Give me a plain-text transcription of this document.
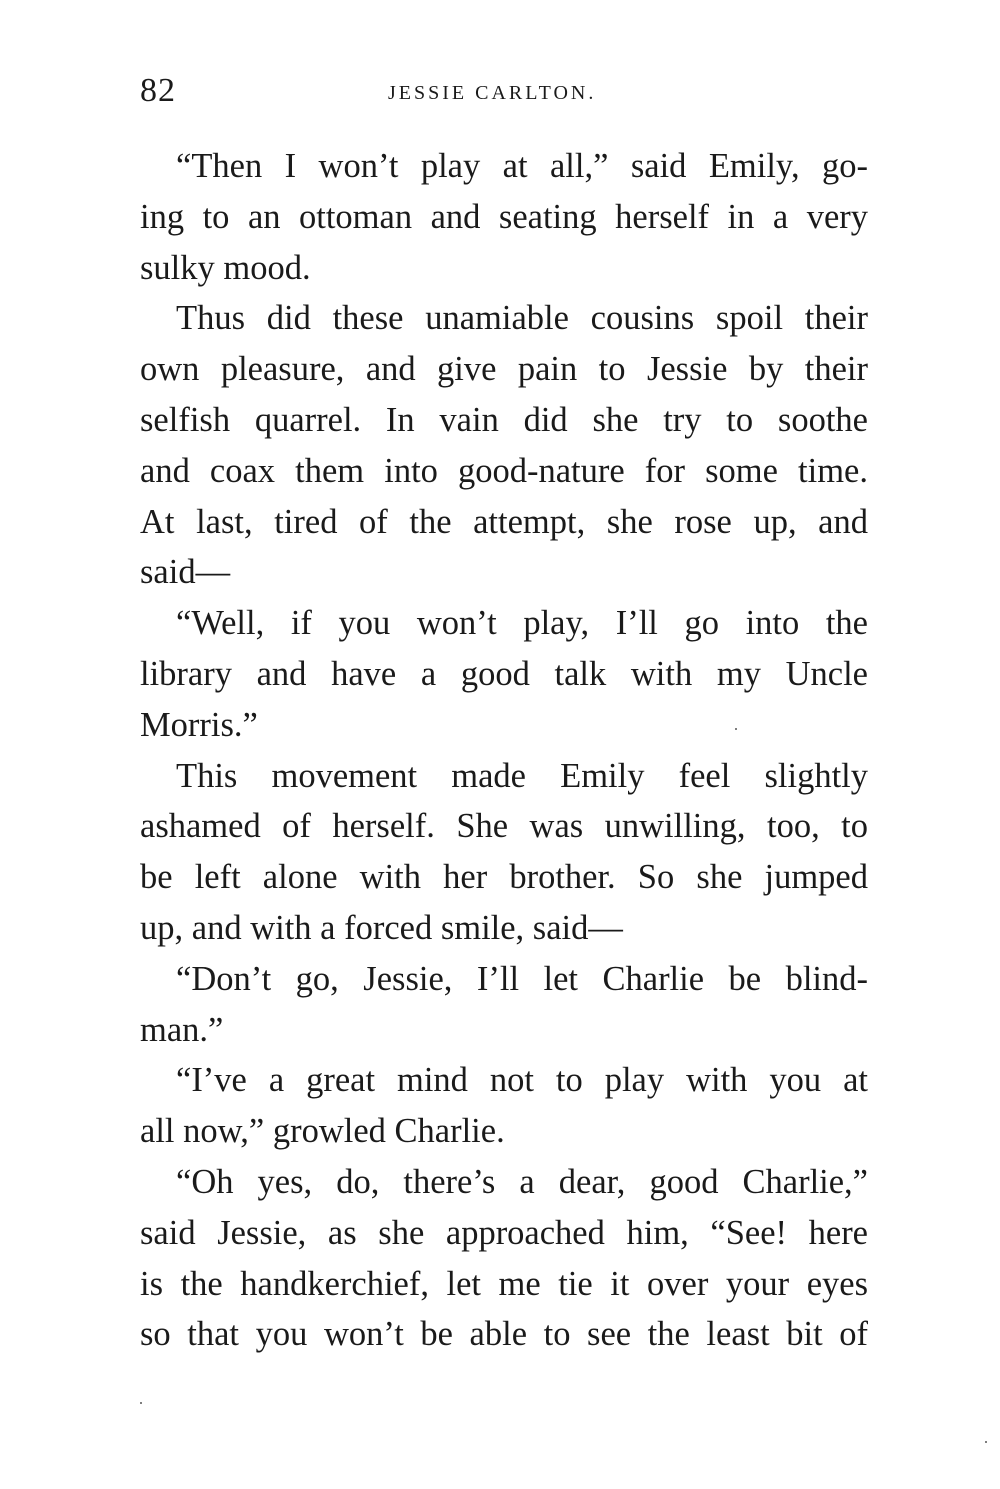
82	JESSIE CARLTON.
“Then I won’t play at all,” said Emily, go-
ing to an ottoman and seating herself in a very
sulky mood.
Thus did these unamiable cousins spoil their
own pleasure, and give pain to Jessie by their
selfish quarrel. In vain did she try to soothe
and coax them into good-nature for some time.
At last, tired of the attempt, she rose up, and
said—
“Well, if you won’t play, I’ll go into the
library and have a good talk with my Uncle
Morris.”
This movement made Emily feel slightly
ashamed of herself. She was unwilling, too, to
be left alone with her brother. So she jumped
up, and with a forced smile, said—
“Don’t go, Jessie, I’ll let Charlie be blind-
man.”
“I’ve a great mind not to play with you at
all now,” growled Charlie.
“Oh yes, do, there’s a dear, good Charlie,”
said Jessie, as she approached him, “See! here
is the handkerchief, let me tie it over your eyes
so that you won’t be able to see the least bit of
